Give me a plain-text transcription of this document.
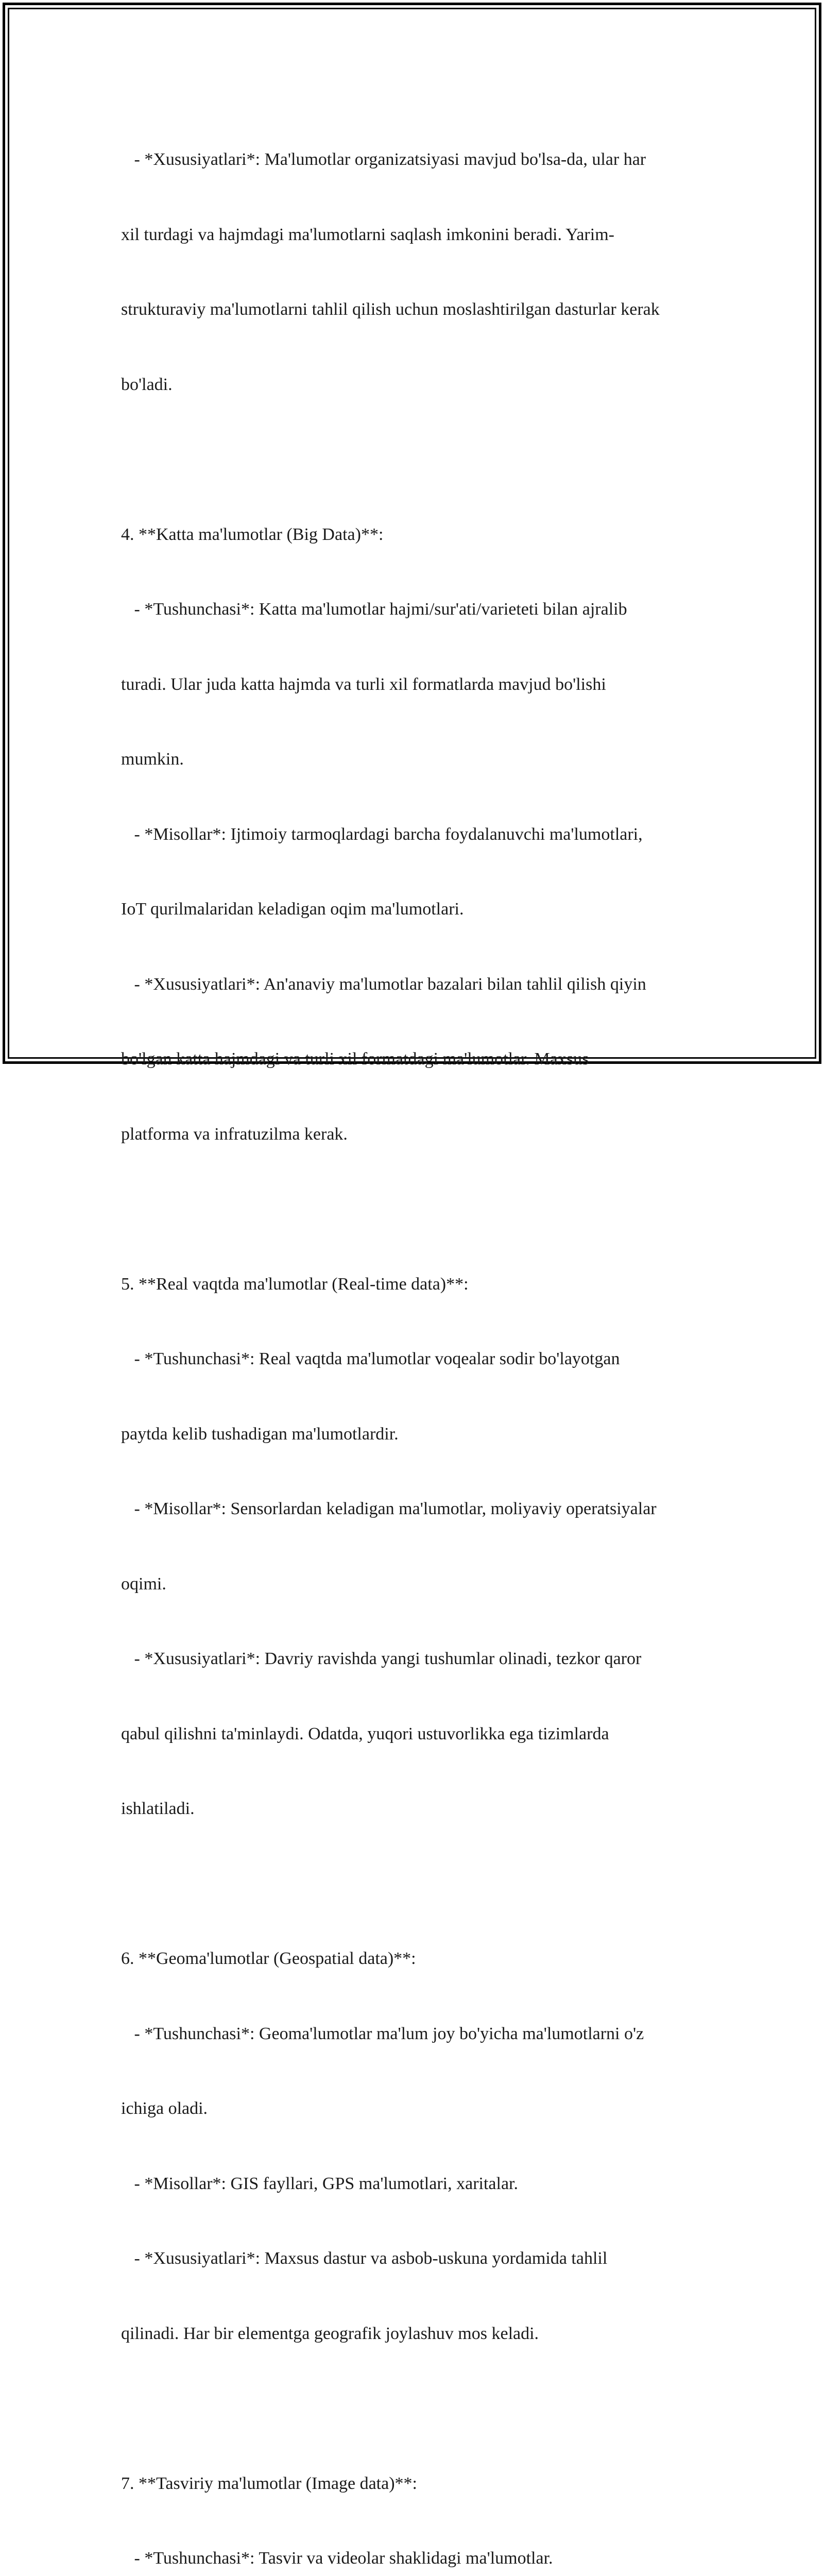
- *Xususiyatlari*: Ma'lumotlar organizatsiyasi mavjud bo'lsa-da, ular har

xil turdagi va hajmdagi ma'lumotlarni saqlash imkonini beradi. Yarim-

strukturaviy ma'lumotlarni tahlil qilish uchun moslashtirilgan dasturlar kerak

bo'ladi.

4. **Katta ma'lumotlar (Big Data)**:

- *Tushunchasi*: Katta ma'lumotlar hajmi/sur'ati/varieteti bilan ajralib

turadi. Ular juda katta hajmda va turli xil formatlarda mavjud bo'lishi

mumkin.

- *Misollar*: Ijtimoiy tarmoqlardagi barcha foydalanuvchi ma'lumotlari,

IoT qurilmalaridan keladigan oqim ma'lumotlari.

- *Xususiyatlari*: An'anaviy ma'lumotlar bazalari bilan tahlil qilish qiyin

bo'lgan katta hajmdagi va turli xil formatdagi ma'lumotlar. Maxsus

platforma va infratuzilma kerak.

5. **Real vaqtda ma'lumotlar (Real-time data)**:

- *Tushunchasi*: Real vaqtda ma'lumotlar voqealar sodir bo'layotgan

paytda kelib tushadigan ma'lumotlardir.

- *Misollar*: Sensorlardan keladigan ma'lumotlar, moliyaviy operatsiyalar

oqimi.

- *Xususiyatlari*: Davriy ravishda yangi tushumlar olinadi, tezkor qaror

qabul qilishni ta'minlaydi. Odatda, yuqori ustuvorlikka ega tizimlarda

ishlatiladi.

6. **Geoma'lumotlar (Geospatial data)**:

- *Tushunchasi*: Geoma'lumotlar ma'lum joy bo'yicha ma'lumotlarni o'z

ichiga oladi.

- *Misollar*: GIS fayllari, GPS ma'lumotlari, xaritalar.

- *Xususiyatlari*: Maxsus dastur va asbob-uskuna yordamida tahlil

qilinadi. Har bir elementga geografik joylashuv mos keladi.

7. **Tasviriy ma'lumotlar (Image data)**:

- *Tushunchasi*: Tasvir va videolar shaklidagi ma'lumotlar.
